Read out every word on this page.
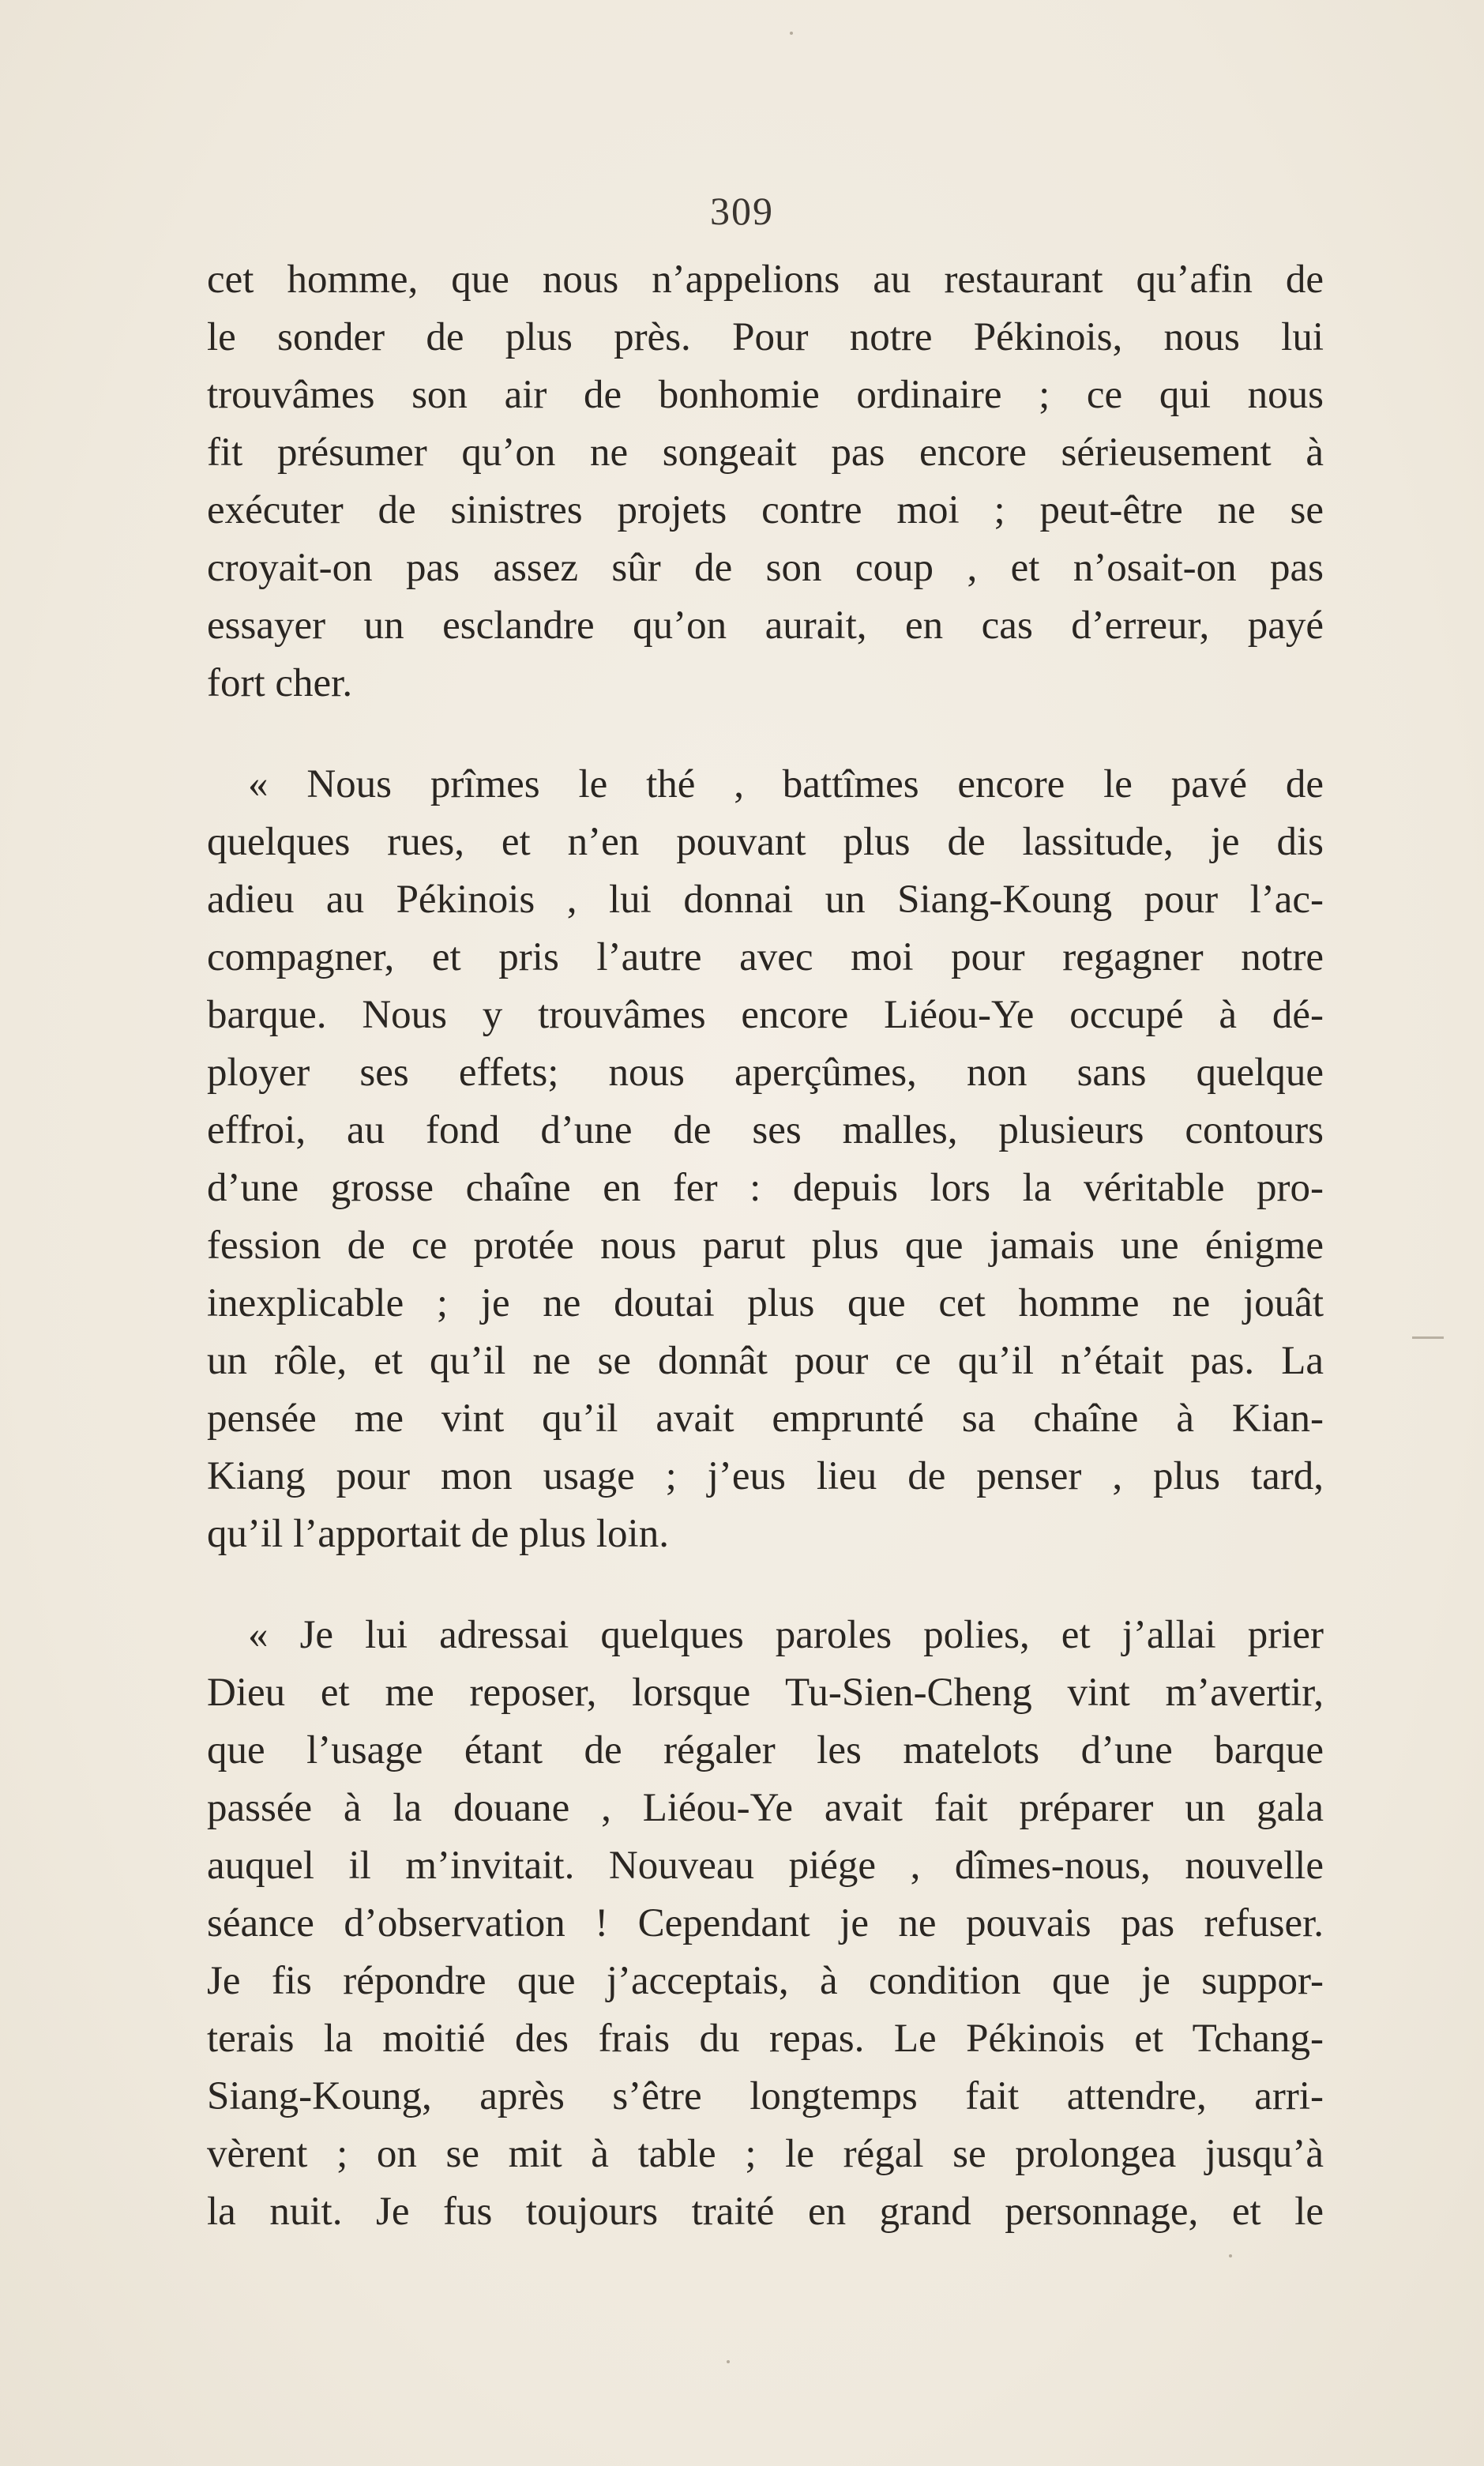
309

cet homme, que nous n’appelions au restaurant qu’afin de
le sonder de plus près. Pour notre Pékinois, nous lui
trouvâmes son air de bonhomie ordinaire ; ce qui nous
fit présumer qu’on ne songeait pas encore sérieusement à
exécuter de sinistres projets contre moi ; peut-être ne se
croyait-on pas assez sûr de son coup , et n’osait-on pas
essayer un esclandre qu’on aurait, en cas d’erreur, payé
fort cher.

« Nous prîmes le thé , battîmes encore le pavé de
quelques rues, et n’en pouvant plus de lassitude, je dis
adieu au Pékinois , lui donnai un Siang-Koung pour l’ac-
compagner, et pris l’autre avec moi pour regagner notre
barque. Nous y trouvâmes encore Liéou-Ye occupé à dé-
ployer ses effets; nous aperçûmes, non sans quelque
effroi, au fond d’une de ses malles, plusieurs contours
d’une grosse chaîne en fer : depuis lors la véritable pro-
fession de ce protée nous parut plus que jamais une énigme
inexplicable ; je ne doutai plus que cet homme ne jouât
un rôle, et qu’il ne se donnât pour ce qu’il n’était pas. La
pensée me vint qu’il avait emprunté sa chaîne à Kian-
Kiang pour mon usage ; j’eus lieu de penser , plus tard,
qu’il l’apportait de plus loin.

« Je lui adressai quelques paroles polies, et j’allai prier
Dieu et me reposer, lorsque Tu-Sien-Cheng vint m’avertir,
que l’usage étant de régaler les matelots d’une barque
passée à la douane , Liéou-Ye avait fait préparer un gala
auquel il m’invitait. Nouveau piége , dîmes-nous, nouvelle
séance d’observation ! Cependant je ne pouvais pas refuser.
Je fis répondre que j’acceptais, à condition que je suppor-
terais la moitié des frais du repas. Le Pékinois et Tchang-
Siang-Koung, après s’être longtemps fait attendre, arri-
vèrent ; on se mit à table ; le régal se prolongea jusqu’à
la nuit. Je fus toujours traité en grand personnage, et le
